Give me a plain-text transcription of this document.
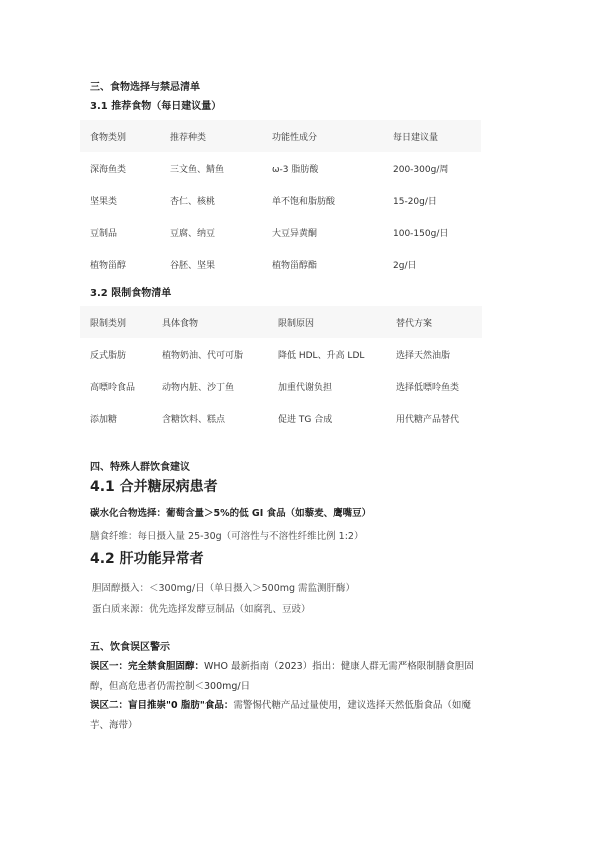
三、食物选择与禁忌清单
3.1 推荐食物（每日建议量）
食物类别	推荐种类	功能性成分	每日建议量
深海鱼类	三文鱼、鲭鱼	ω-3 脂肪酸	200-300g/周
坚果类	杏仁、核桃	单不饱和脂肪酸	15-20g/日
豆制品	豆腐、纳豆	大豆异黄酮	100-150g/日
植物甾醇	谷胚、坚果	植物甾醇酯	2g/日
3.2 限制食物清单
限制类别	具体食物	限制原因	替代方案
反式脂肪	植物奶油、代可可脂	降低 HDL、升高 LDL	选择天然油脂
高嘌呤食品	动物内脏、沙丁鱼	加重代谢负担	选择低嘌呤鱼类
添加糖	含糖饮料、糕点	促进 TG 合成	用代糖产品替代
四、特殊人群饮食建议
4.1 合并糖尿病患者
碳水化合物选择：葡萄含量＞5%的低 GI 食品（如藜麦、鹰嘴豆）
膳食纤维：每日摄入量 25-30g（可溶性与不溶性纤维比例 1:2）
4.2 肝功能异常者
胆固醇摄入：＜300mg/日（单日摄入＞500mg 需监测肝酶）
蛋白质来源：优先选择发酵豆制品（如腐乳、豆豉）
五、饮食误区警示
误区一：完全禁食胆固醇：WHO 最新指南（2023）指出：健康人群无需严格限制膳食胆固
醇，但高危患者仍需控制＜300mg/日
误区二：盲目推崇"0 脂肪"食品：需警惕代糖产品过量使用，建议选择天然低脂食品（如魔
芋、海带）
